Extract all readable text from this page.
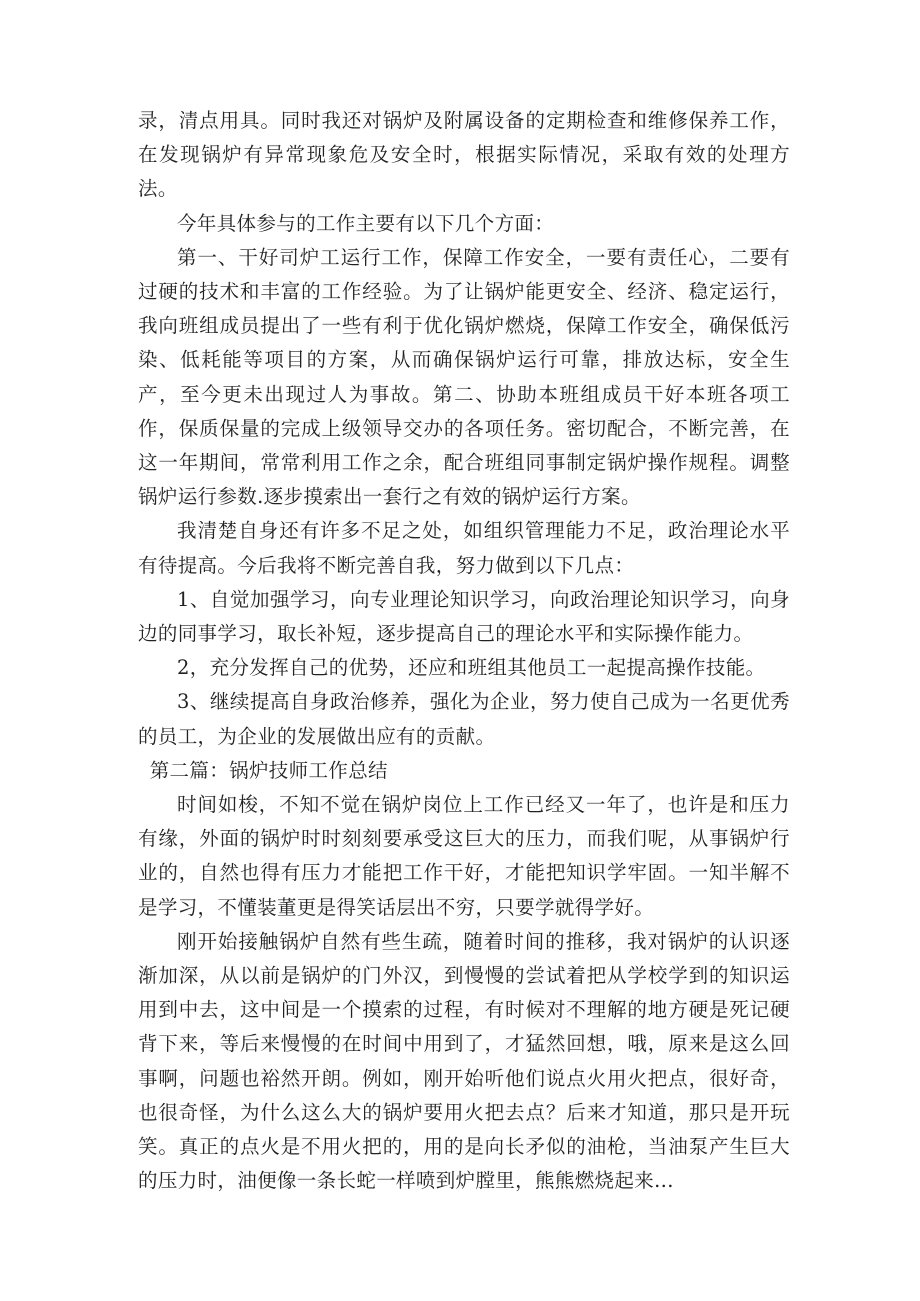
录，清点用具。同时我还对锅炉及附属设备的定期检查和维修保养工作，在发现锅炉有异常现象危及安全时，根据实际情况，采取有效的处理方法。

今年具体参与的工作主要有以下几个方面：

第一、干好司炉工运行工作，保障工作安全，一要有责任心，二要有过硬的技术和丰富的工作经验。为了让锅炉能更安全、经济、稳定运行，我向班组成员提出了一些有利于优化锅炉燃烧，保障工作安全，确保低污染、低耗能等项目的方案，从而确保锅炉运行可靠，排放达标，安全生产，至今更未出现过人为事故。第二、协助本班组成员干好本班各项工作，保质保量的完成上级领导交办的各项任务。密切配合，不断完善，在这一年期间，常常利用工作之余，配合班组同事制定锅炉操作规程。调整锅炉运行参数.逐步摸索出一套行之有效的锅炉运行方案。

我清楚自身还有许多不足之处，如组织管理能力不足，政治理论水平有待提高。今后我将不断完善自我，努力做到以下几点：

1、自觉加强学习，向专业理论知识学习，向政治理论知识学习，向身边的同事学习，取长补短，逐步提高自己的理论水平和实际操作能力。

2，充分发挥自己的优势，还应和班组其他员工一起提高操作技能。

3、继续提高自身政治修养，强化为企业，努力使自己成为一名更优秀的员工，为企业的发展做出应有的贡献。

第二篇：锅炉技师工作总结

时间如梭，不知不觉在锅炉岗位上工作已经又一年了，也许是和压力有缘，外面的锅炉时时刻刻要承受这巨大的压力，而我们呢，从事锅炉行业的，自然也得有压力才能把工作干好，才能把知识学牢固。一知半解不是学习，不懂装董更是得笑话层出不穷，只要学就得学好。

刚开始接触锅炉自然有些生疏，随着时间的推移，我对锅炉的认识逐渐加深，从以前是锅炉的门外汉，到慢慢的尝试着把从学校学到的知识运用到中去，这中间是一个摸索的过程，有时候对不理解的地方硬是死记硬背下来，等后来慢慢的在时间中用到了，才猛然回想，哦，原来是这么回事啊，问题也裕然开朗。例如，刚开始听他们说点火用火把点，很好奇，也很奇怪，为什么这么大的锅炉要用火把去点？后来才知道，那只是开玩笑。真正的点火是不用火把的，用的是向长矛似的油枪，当油泵产生巨大的压力时，油便像一条长蛇一样喷到炉膛里，熊熊燃烧起来...
